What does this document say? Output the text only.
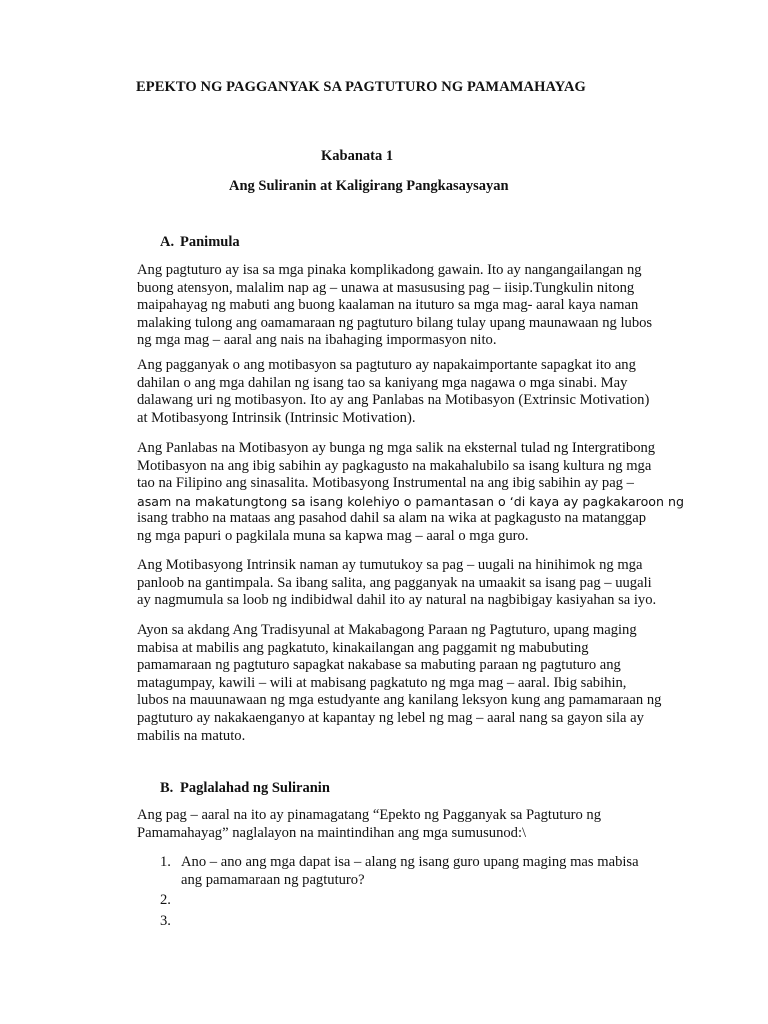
EPEKTO NG PAGGANYAK SA PAGTUTURO NG PAMAMAHAYAG
Kabanata 1
Ang Suliranin at Kaligirang Pangkasaysayan
A. Panimula

Ang pagtuturo ay isa sa mga pinaka komplikadong gawain. Ito ay nangangailangan ng
buong atensyon, malalim nap ag – unawa at masususing pag – iisip.Tungkulin nitong
maipahayag ng mabuti ang buong kaalaman na ituturo sa mga mag- aaral kaya naman
malaking tulong ang oamamaraan ng pagtuturo bilang tulay upang maunawaan ng lubos
ng mga mag – aaral ang nais na ibahaging impormasyon nito.

Ang pagganyak o ang motibasyon sa pagtuturo ay napakaimportante sapagkat ito ang
dahilan o ang mga dahilan ng isang tao sa kaniyang mga nagawa o mga sinabi. May
dalawang uri ng motibasyon. Ito ay ang Panlabas na Motibasyon (Extrinsic Motivation)
at Motibasyong Intrinsik (Intrinsic Motivation).

Ang Panlabas na Motibasyon ay bunga ng mga salik na eksternal tulad ng Intergratibong
Motibasyon na ang ibig sabihin ay pagkagusto na makahalubilo sa isang kultura ng mga
tao na Filipino ang sinasalita. Motibasyong Instrumental na ang ibig sabihin ay pag –
asam na makatungtong sa isang kolehiyo o pamantasan o ‘di kaya ay pagkakaroon ng
isang trabho na mataas ang pasahod dahil sa alam na wika at pagkagusto na matanggap
ng mga papuri o pagkilala muna sa kapwa mag – aaral o mga guro.

Ang Motibasyong Intrinsik naman ay tumutukoy sa pag – uugali na hinihimok ng mga
panloob na gantimpala. Sa ibang salita, ang pagganyak na umaakit sa isang pag – uugali
ay nagmumula sa loob ng indibidwal dahil ito ay natural na nagbibigay kasiyahan sa iyo.

Ayon sa akdang Ang Tradisyunal at Makabagong Paraan ng Pagtuturo, upang maging
mabisa at mabilis ang pagkatuto, kinakailangan ang paggamit ng mabubuting
pamamaraan ng pagtuturo sapagkat nakabase sa mabuting paraan ng pagtuturo ang
matagumpay, kawili – wili at mabisang pagkatuto ng mga mag – aaral. Ibig sabihin,
lubos na mauunawaan ng mga estudyante ang kanilang leksyon kung ang pamamaraan ng
pagtuturo ay nakakaenganyo at kapantay ng lebel ng mag – aaral nang sa gayon sila ay
mabilis na matuto.

B. Paglalahad ng Suliranin

Ang pag – aaral na ito ay pinamagatang “Epekto ng Pagganyak sa Pagtuturo ng
Pamamahayag” naglalayon na maintindihan ang mga sumusunod:\

1. Ano – ano ang mga dapat isa – alang ng isang guro upang maging mas mabisa
ang pamamaraan ng pagtuturo?
2.

3.
